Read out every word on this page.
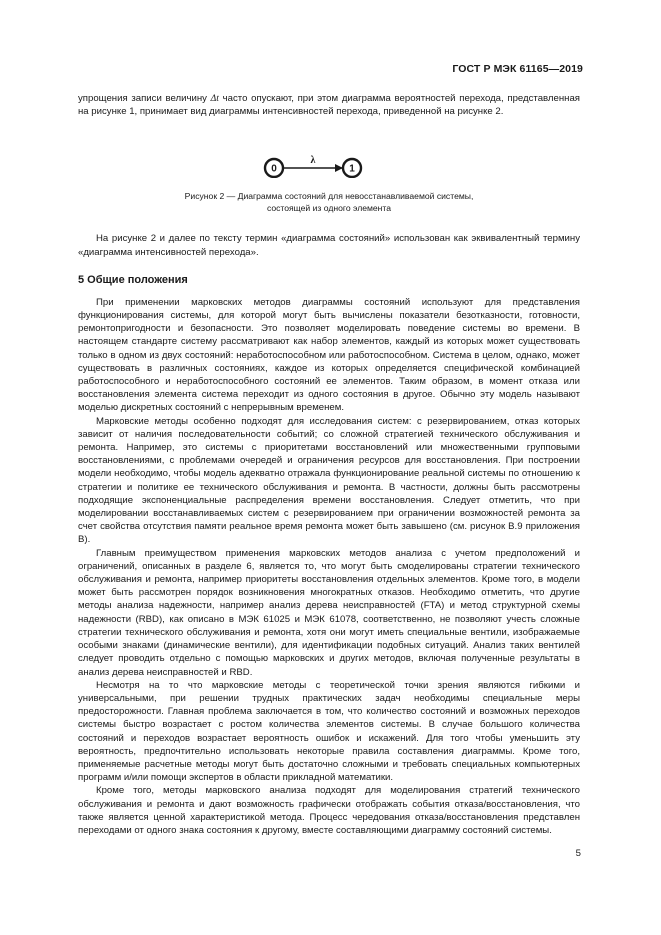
ГОСТ Р МЭК 61165—2019

упрощения записи величину Δt часто опускают, при этом диаграмма вероятностей перехода, представленная на рисунке 1, принимает вид диаграммы интенсивностей перехода, приведенной на рисунке 2.

0
λ
1
Рисунок 2 — Диаграмма состояний для невосстанавливаемой системы,
состоящей из одного элемента

На рисунке 2 и далее по тексту термин «диаграмма состояний» использован как эквивалентный термину «диаграмма интенсивностей перехода».

5 Общие положения

При применении марковских методов диаграммы состояний используют для представления функционирования системы, для которой могут быть вычислены показатели безотказности, готовности, ремонтопригодности и безопасности. Это позволяет моделировать поведение системы во времени. В настоящем стандарте систему рассматривают как набор элементов, каждый из которых может существовать только в одном из двух состояний: неработоспособном или работоспособном. Система в целом, однако, может существовать в различных состояниях, каждое из которых определяется специфической комбинацией работоспособного и неработоспособного состояний ее элементов. Таким образом, в момент отказа или восстановления элемента система переходит из одного состояния в другое. Обычно эту модель называют моделью дискретных состояний с непрерывным временем.

Марковские методы особенно подходят для исследования систем: с резервированием, отказ которых зависит от наличия последовательности событий; со сложной стратегией технического обслуживания и ремонта. Например, это системы с приоритетами восстановлений или множественными групповыми восстановлениями, с проблемами очередей и ограничения ресурсов для восстановления. При построении модели необходимо, чтобы модель адекватно отражала функционирование реальной системы по отношению к стратегии и политике ее технического обслуживания и ремонта. В частности, должны быть рассмотрены подходящие экспоненциальные распределения времени восстановления. Следует отметить, что при моделировании восстанавливаемых систем с резервированием при ограничении возможностей ремонта за счет свойства отсутствия памяти реальное время ремонта может быть завышено (см. рисунок В.9 приложения В).

Главным преимуществом применения марковских методов анализа с учетом предположений и ограничений, описанных в разделе 6, является то, что могут быть смоделированы стратегии технического обслуживания и ремонта, например приоритеты восстановления отдельных элементов. Кроме того, в модели может быть рассмотрен порядок возникновения многократных отказов. Необходимо отметить, что другие методы анализа надежности, например анализ дерева неисправностей (FTA) и метод структурной схемы надежности (RBD), как описано в МЭК 61025 и МЭК 61078, соответственно, не позволяют учесть сложные стратегии технического обслуживания и ремонта, хотя они могут иметь специальные вентили, изображаемые особыми знаками (динамические вентили), для идентификации подобных ситуаций. Анализ таких вентилей следует проводить отдельно с помощью марковских и других методов, включая полученные результаты в анализ дерева неисправностей и RBD.

Несмотря на то что марковские методы с теоретической точки зрения являются гибкими и универсальными, при решении трудных практических задач необходимы специальные меры предосторожности. Главная проблема заключается в том, что количество состояний и возможных переходов системы быстро возрастает с ростом количества элементов системы. В случае большого количества состояний и переходов возрастает вероятность ошибок и искажений. Для того чтобы уменьшить эту вероятность, предпочтительно использовать некоторые правила составления диаграммы. Кроме того, применяемые расчетные методы могут быть достаточно сложными и требовать специальных компьютерных программ и/или помощи экспертов в области прикладной математики.

Кроме того, методы марковского анализа подходят для моделирования стратегий технического обслуживания и ремонта и дают возможность графически отображать события отказа/восстановления, что также является ценной характеристикой метода. Процесс чередования отказа/восстановления представлен переходами от одного знака состояния к другому, вместе составляющими диаграмму состояний системы.

5
